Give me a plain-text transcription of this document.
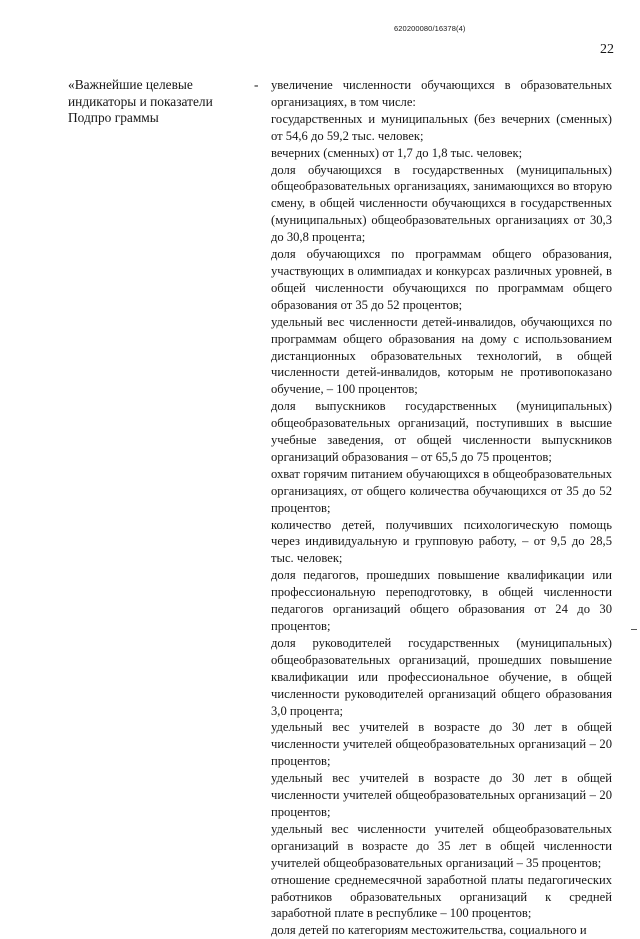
620200080/16378(4)
22
«Важнейшие целевые индикаторы и показатели Подпро граммы
- увеличение численности обучающихся в образовательных организациях, в том числе:

государственных и муниципальных (без вечерних (сменных) от 54,6 до 59,2 тыс. человек;

вечерних (сменных) от 1,7 до 1,8 тыс. человек;

доля обучающихся в государственных (муниципальных) общеобразовательных организациях, занимающихся во вторую смену, в общей численности обучающихся в государственных (муниципальных) общеобразовательных организациях от 30,3 до 30,8 процента;

доля обучающихся по программам общего образования, участвующих в олимпиадах и конкурсах различных уровней, в общей численности обучающихся по программам общего образования от 35 до 52 процентов;

удельный вес численности детей-инвалидов, обучающихся по программам общего образования на дому с использованием дистанционных образовательных технологий, в общей численности детей-инвалидов, которым не противопоказано обучение, – 100 процентов;

доля выпускников государственных (муниципальных) общеобразовательных организаций, поступивших в высшие учебные заведения, от общей численности выпускников организаций образования – от 65,5 до 75 процентов;

охват горячим питанием обучающихся в общеобразовательных организациях, от общего количества обучающихся от 35 до 52 процентов;

количество детей, получивших психологическую помощь через индивидуальную и групповую работу, – от 9,5 до 28,5 тыс. человек;

доля педагогов, прошедших повышение квалификации или профессиональную переподготовку, в общей численности педагогов организаций общего образования от 24 до 30 процентов;

доля руководителей государственных (муниципальных) общеобразовательных организаций, прошедших повышение квалификации или профессиональное обучение, в общей численности руководителей организаций общего образования 3,0 процента;

удельный вес учителей в возрасте до 30 лет в общей численности учителей общеобразовательных организаций – 20 процентов;

удельный вес учителей в возрасте до 30 лет в общей численности учителей общеобразовательных организаций – 20 процентов;

удельный вес численности учителей общеобразовательных организаций в возрасте до 35 лет в общей численности учителей общеобразовательных организаций – 35 процентов;

отношение среднемесячной заработной платы педагогических работников образовательных организаций к средней заработной плате в республике – 100 процентов;

доля детей по категориям местожительства, социального и
